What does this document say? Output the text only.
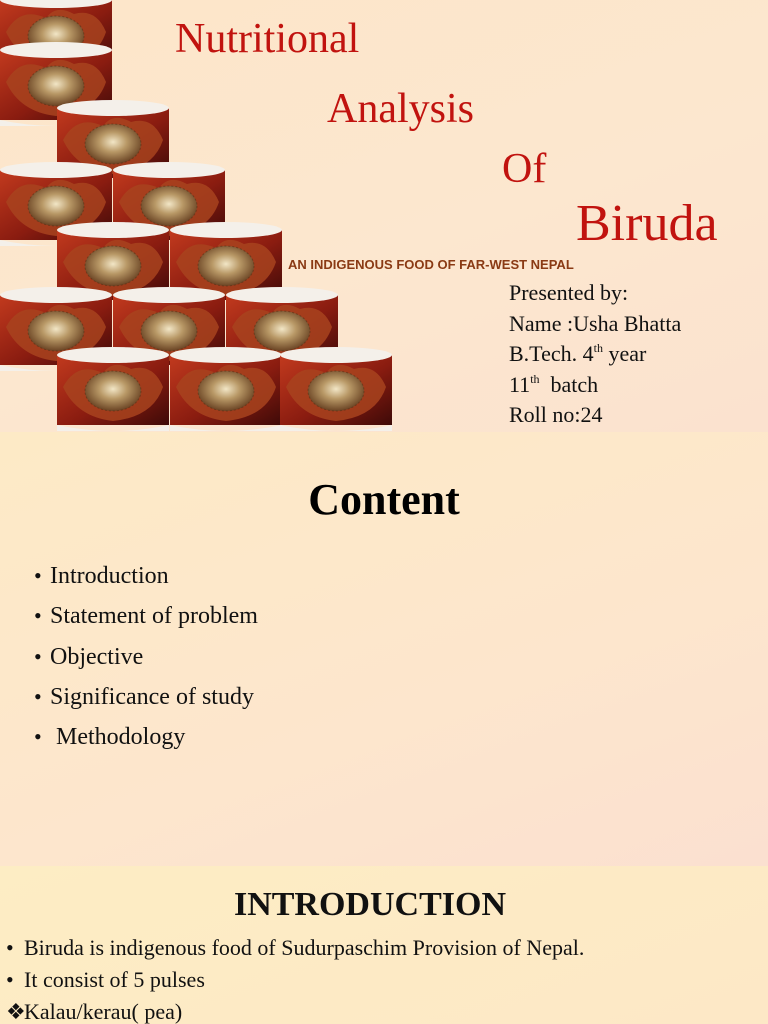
Nutritional
Analysis
Of
Biruda
AN INDIGENOUS FOOD OF FAR-WEST NEPAL
Presented by:
Name :Usha Bhatta
B.Tech. 4th year
11th  batch
Roll no:24
Content
• Introduction
• Statement of problem
• Objective
• Significance of study
• Methodology
INTRODUCTION
• Biruda is indigenous food of Sudurpaschim Provision of Nepal.
• It consist of 5 pulses
❖Kalau/kerau( pea)
